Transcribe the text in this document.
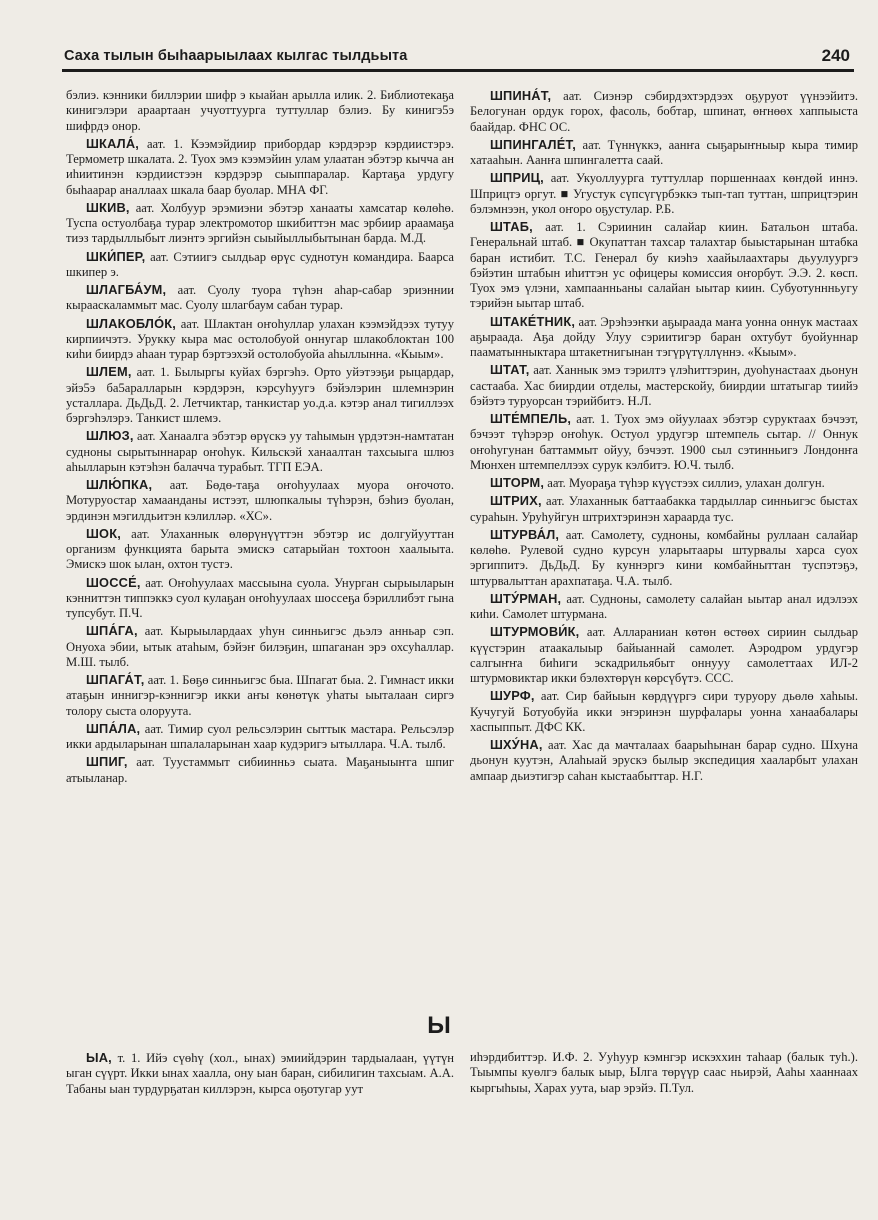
Саха тылын быһаарыылаах кылгас тылдьыта	240

бэлиэ. кэнники биллэрии шифр э кыайан арылла илик. 2. Библиотекаҕа кинигэлэри араартаан учуоттуурга туттуллар бэлиэ. Бу кинигэ5э шифрдэ онор.

ШКАЛА́, аат. 1. Кээмэйдиир прибордар кэрдэрэр кэрдиистэрэ. Термометр шкалата. 2. Туох эмэ кээмэйин улам улаатан эбэтэр кычча ан иһиитинэн кэрдиистээн кэрдэрэр сыыппаралар. Картаҕа урдугу быhaарар аналлаах шкала баар буолар. МНА ФГ.

ШКИВ, аат. Холбуур эрэмиэни эбэтэр ханааты хамсатар көлөhө. Туспа остуолбаҕа турар электромотор шкибиттэн мас эрбиир араамаҕа тиэз тардыллыбыт лиэнтэ эргийэн сыыйыллыбытынан барда. М.Д.

ШКИ́ПЕР, аат. Сэтиигэ сылдьар өрүс суднотун командира. Баарса шкипер э.

ШЛАГБА́УМ, аат. Суолу туора түһэн аһар-сабар эриэннии кырааскаламмыт мас. Суолу шлагбаум сабан турар.

ШЛАКОБЛО́К, аат. Шлактан оҥоһуллар улахан кээмэйдээх тутуу кирпиичэтэ. Урукку кыра мас остолобуой оннугар шлакоблоктан 100 киһи биирдэ аһаан турар бэртээхэй остолобуойа аһыллынна. «Кыым».

ШЛЕМ, аат. 1. Былыргы куйах бэргэһэ. Орто уйэтээҕи рыцардар, эйэ5э ба5аралларын кэрдэрэн, кэрсуhуугэ бэйэлэрин шлемнэрин усталлара. ДьДьД. 2. Летчиктар, танкистар уо.д.а. кэтэр анал тигиллээх бэргэһэлэрэ. Танкист шлемэ.

ШЛЮЗ, аат. Ханаалга эбэтэр өрүскэ уу таһымын үрдэтэн-намтатан судноны сырытыннарар оҥоһук. Кильскэй ханаалтан тахсыыга шлюз аһылларын кэтэһэн балачча турабыт. ТГП ЕЭА.

ШЛЮ́ПКА, аат. Бөдө-таҕа оҥоһуулаах муора оҥочото. Мотуруостар хамаанданы истээт, шлюпкалыы түһэрэн, бэhиэ буолан, эрдинэн мэгилдьитэн кэлилләр. «ХС».

ШОК, аат. Улаханнык өлөрүнүүттэн эбэтэр ис долгуйууттан организм функцията барыта эмискэ сатарыйан тохтоон хаалыыта. Эмискэ шок ылан, охтон тустэ.

ШОССЕ́, аат. Оҥоһуулаах массыына суола. Унурган сырыыларын кэнниттэн типпэккэ суол кулаҕан оҥоһуулаах шоссеҕа бэриллибэт гына тупсубут. П.Ч.

ШПА́ГА, аат. Кырыылардаах уһун синньигэс дьэлэ анньар сэп. Онуоха эбии, ытык атаһым, бэйэҥ билэҕин, шпаганан эрэ охсуhаллар. М.Ш. тылб.

ШПАГА́Т, аат. 1. Бөҕө синньигэс быа. Шпагат быа. 2. Гимнаст икки атаҕын иннигэр-кэннигэр икки аҥы көнөтүк уһаты ыыталаан сиргэ толору сыста олоруута.

ШПА́ЛА, аат. Тимир суол рельсэлэрин сыттык мастара. Рельсэлэр икки ардыларынан шпалаларынан хаар кудэригэ ытыллара. Ч.А. тылб.

ШПИГ, аат. Туустаммыт сибиинньэ сыата. Маҕаныыҥга шпиг атыыланар.

ШПИНА́Т, аат. Сиэнэр сэбирдэхтэрдээх оҕуруот үүнээйитэ. Белогунан ордук горох, фасоль, бобтар, шпинат, өҥнөөх хаппыыста баайдар. ФНС ОС.

ШПИНГАЛЕ́Т, аат. Түннүккэ, аанҥа сыҕарыҥныыр кыра тимир хатааhын. Аанҥа шпингалетта саай.

ШПРИЦ, аат. Укуоллуурга туттуллар поршеннаах көҥдөй иннэ. Шприцтэ оргут. ■ Угустук сүпсүгүрбэккэ тып-тап туттан, шприцтэрин бэлэмнээн, укол оҥоро оҕустулар. Р.Б.

ШТАБ, аат. 1. Сэриинин салайар киин. Батальон штаба. Генеральнай штаб. ■ Окупаттан тахсар талахтар быыстарынан штабка баран истибит. Т.С. Генерал бу киэhэ хаайылаахтары дьуулуургэ бэйэтин штабын иhиттэн ус офицеры комиссия оҥорбут. Э.Э. 2. көсп. Туох эмэ үлэни, хампаанньаны салайан ыытар киин. Субуотуннньугу тэрийэн ыытар штаб.

ШТАКЕ́ТНИК, аат. Эрэһээҥки аҕыраада маҥа уонна оннук мастаах аҕыраада. Аҕа дойду Улуу сэриитигэр баран охтубут буойуннар пааматынныктара штакетнигынан тэгүрүтүллүннэ. «Кыым».

ШТАТ, аат. Ханнык эмэ тэрилтэ үлэһиттэрин, дуоһунастаах дьонун састааба. Хас биирдии отделы, мастерскойу, биирдии штатыгар тиийэ бэйэтэ туруорсан тэрийбитэ. Н.Л.

ШТЕ́МПЕЛЬ, аат. 1. Туох эмэ ойуулаах эбэтэр суруктаах бэчээт, бэчээт түһэрэр оҥоһук. Остуол урдугэр штемпель сытар. // Оннук оҥоһугунан баттаммыт ойуу, бэчээт. 1900 сыл сэтинньигэ Лондонҥа Мюнхен штемпеллээх сурук кэлбитэ. Ю.Ч. тылб.

ШТОРМ, аат. Муораҕа түһэр күүстээх силлиэ, улахан долгун.

ШТРИХ, аат. Улаханнык баттаабакка тардыллар синньигэс быстах сураһын. Уруhуйгун штрихтэринэн хараарда тус.

ШТУРВА́Л, аат. Самолету, судноны, комбайны руллаан салайар көлөhө. Рулевой судно курсун уларытаары штурвалы харса суох эргиппитэ. ДьДьД. Бу куннэргэ кини комбайныттан туспэтэҕэ, штурвалыттан арахпатаҕа. Ч.А. тылб.

ШТУ́РМАН, аат. Судноны, самолету салайан ыытар анал идэлээх киһи. Самолет штурмана.

ШТУРМОВИ́К, аат. Аллараниан көтөн өстөөх сириин сылдьар күүстэрин атаакалыыр байыаннай самолет. Аэродром урдугэр салгыҥҥа биһиги эскадрильябыт оннууу самолеттаах ИЛ-2 штурмовиктар икки бэлөхтөрүн көрсүбүтэ. ССС.

ШУРФ, аат. Сир байыын көрдүүргэ сири туруору дьөлө хаһыы. Кучугуй Ботуобуйа икки эҥэринэн шурфалары уонна ханаабалары хаспыппыт. ДФС КК.

ШХУ́НА, аат. Хас да мачталаах баарыһынан барар судно. Шхуна дьонун куутэн, Алаһыай эрускэ былыр экспедиция хааларбыт улахан ампаар дьиэтигэр саhан кыстаабыттар. Н.Г.

Ы

ЫА, т. 1. Ийэ сүөһү (хол., ынах) эмиийдэрин тардыалаан, үүтүн ыган сүүрт. Икки ынах хаалла, ону ыан баран, сибилигин тахсыам. А.А. Табаны ыан турдурҕатан киллэрэн, кырса оҕотугар уут

иһэрдибиттэр. И.Ф. 2. Ууһуур кэмнгэр искэххин таhаар (балык туh.). Тыымпы куөлгэ балык ыыр, Ылга төрүүр саас ньирэй, Ааhы хааннаах кыргыhыы, Харах уута, ыар эрэйэ. П.Тул.
